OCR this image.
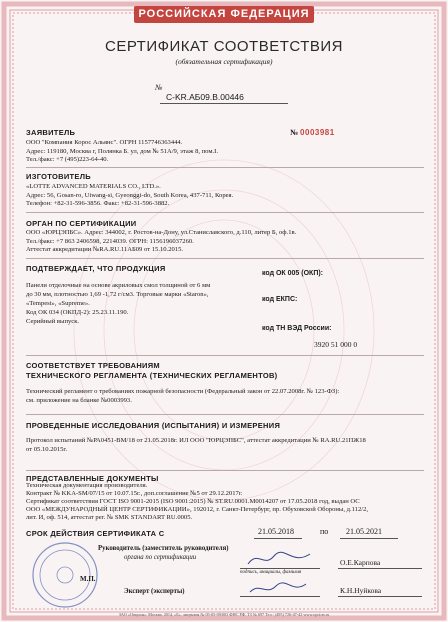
РОССИЙСКАЯ ФЕДЕРАЦИЯ
СЕРТИФИКАТ СООТВЕТСТВИЯ
(обязательная сертификация)
№
C-KR.AБ09.B.00446
ЗАЯВИТЕЛЬ	№ 0003981
ООО "Компания Корос Альянс". ОГРН 1157746363444.
Адрес: 119180, Москва г, Полянка Б. ул, дом № 51А/9, этаж 8, пом.I.
Тел./факс: +7 (495)223-64-40.
ИЗГОТОВИТЕЛЬ
«LOTTE ADVANCED MATERIALS CO., LTD.».
Адрес: 56, Gosan-ro, Uiwang-si, Gyeonggi-do, South Korea, 437-711, Корея.
Телефон: +82-31-596-3856. Факс: +82-31-596-3882.
ОРГАН ПО СЕРТИФИКАЦИИ
ООО «ЮРЦЭПБС». Адрес: 344002, г. Ростов-на-Дону, ул.Станиславского, д.110, литер Б, оф.1в.
Тел./факс: +7 863 2406598, 2214039. ОГРН: 1156196037260.
Аттестат аккредитации №RA.RU.11АБ09 от 15.10.2015.
ПОДТВЕРЖДАЕТ, ЧТО ПРОДУКЦИЯ
Панели отделочные на основе акриловых смол толщиной от 6 мм
до 30 мм, плотностью 1,69 -1,72 г/см3. Торговые марки «Staron»,
«Tempest», «Supreme».
Код ОК 034 (ОКПД-2): 25.23.11.190.
Серийный выпуск.
код ОК 005 (ОКП):
код ЕКПС:
код ТН ВЭД России:
3920 51 000 0
СООТВЕТСТВУЕТ ТРЕБОВАНИЯМ
ТЕХНИЧЕСКОГО РЕГЛАМЕНТА (ТЕХНИЧЕСКИХ РЕГЛАМЕНТОВ)
Технический регламент о требованиях пожарной безопасности (Федеральный закон от 22.07.2008г. № 123-ФЗ):
см. приложение на бланке №0003993.
ПРОВЕДЕННЫЕ ИССЛЕДОВАНИЯ (ИСПЫТАНИЯ) И ИЗМЕРЕНИЯ
Протокол испытаний №РА0451-ВМ/18 от 21.05.2018г. ИЛ ООО "ЮРЦЭПБС", аттестат аккредитации № RA.RU.21ПЖ18
от 05.10.2015г.
ПРЕДСТАВЛЕННЫЕ ДОКУМЕНТЫ
Техническая документация производителя.
Контракт № KKA-SM/07/15 от 10.07.15г., доп.соглашение №5 от 29.12.2017г.
Сертификат соответствия ГОСТ ISO 9001-2015 (ISO 9001:2015) № SТ.RU.0001.М0014207 от 17.05.2018 год, выдан ОС
ООО «МЕЖДУНАРОДНЫЙ ЦЕНТР СЕРТИФИКАЦИИ», 192012, г. Санкт-Петербург, пр. Обуховской Обороны, д.112/2,
лит. И, оф. 514, аттестат рег. № SMK STANDART RU.0005.
СРОК ДЕЙСТВИЯ СЕРТИФИКАТА С	21.05.2018	по 21.05.2021
Руководитель (заместитель руководителя)
органа по сертификации
О.Е.Карпова
М.П.
подпись, инициалы, фамилия
Эксперт (эксперты)	К.Н.Нуйкова
ЗАО «Опцион», Москва, 2014, «Б», лицензия № 05-05-09/003 ФНС РФ, ТЗ № 697 Тел.: (495) 726-47-42 www.opcion.ru
